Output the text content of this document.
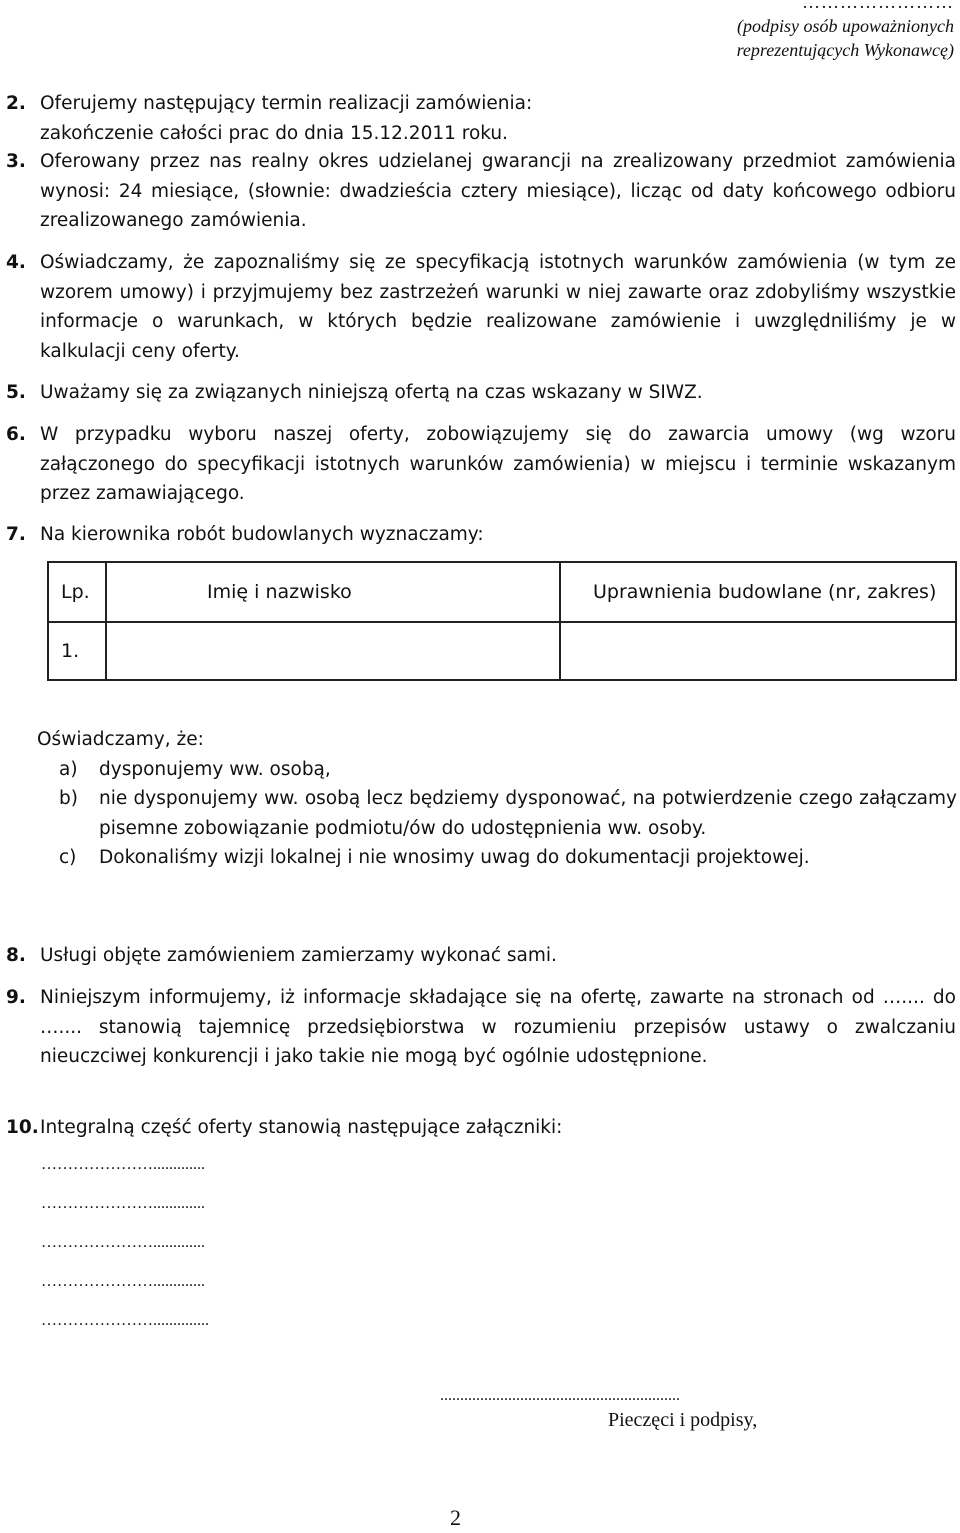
……………………
(podpisy osób upoważnionych
reprezentujących Wykonawcę)
2. Oferujemy następujący termin realizacji zamówienia:
zakończenie całości prac do dnia 15.12.2011 roku.
3. Oferowany przez nas realny okres udzielanej gwarancji na zrealizowany przedmiot zamówienia wynosi: 24 miesiące, (słownie: dwadzieścia cztery miesiące), licząc od daty końcowego odbioru zrealizowanego zamówienia.
4. Oświadczamy, że zapoznaliśmy się ze specyfikacją istotnych warunków zamówienia (w tym ze wzorem umowy) i przyjmujemy bez zastrzeżeń warunki w niej zawarte oraz zdobyliśmy wszystkie informacje o warunkach, w których będzie realizowane zamówienie i uwzględniliśmy je w kalkulacji ceny oferty.
5. Uważamy się za związanych niniejszą ofertą na czas wskazany w SIWZ.
6. W przypadku wyboru naszej oferty, zobowiązujemy się do zawarcia umowy (wg wzoru załączonego do specyfikacji istotnych warunków zamówienia) w miejscu i terminie wskazanym przez zamawiającego.
7. Na kierownika robót budowlanych wyznaczamy:
Lp.	Imię i nazwisko	Uprawnienia budowlane (nr, zakres)
1.		
Oświadczamy, że:
a) dysponujemy ww. osobą,
b) nie dysponujemy ww. osobą lecz będziemy dysponować, na potwierdzenie czego załączamy pisemne zobowiązanie podmiotu/ów do udostępnienia ww. osoby.
c) Dokonaliśmy wizji lokalnej i nie wnosimy uwag do dokumentacji projektowej.
8. Usługi objęte zamówieniem zamierzamy wykonać sami.
9. Niniejszym informujemy, iż informacje składające się na ofertę, zawarte na stronach od ….... do ….... stanowią tajemnicę przedsiębiorstwa w rozumieniu przepisów ustawy o zwalczaniu nieuczciwej konkurencji i jako takie nie mogą być ogólnie udostępnione.
10. Integralną część oferty stanowią następujące załączniki:
………………….............
………………….............
………………….............
………………….............
…………………..............
............................................................
Pieczęci i podpisy,
2
